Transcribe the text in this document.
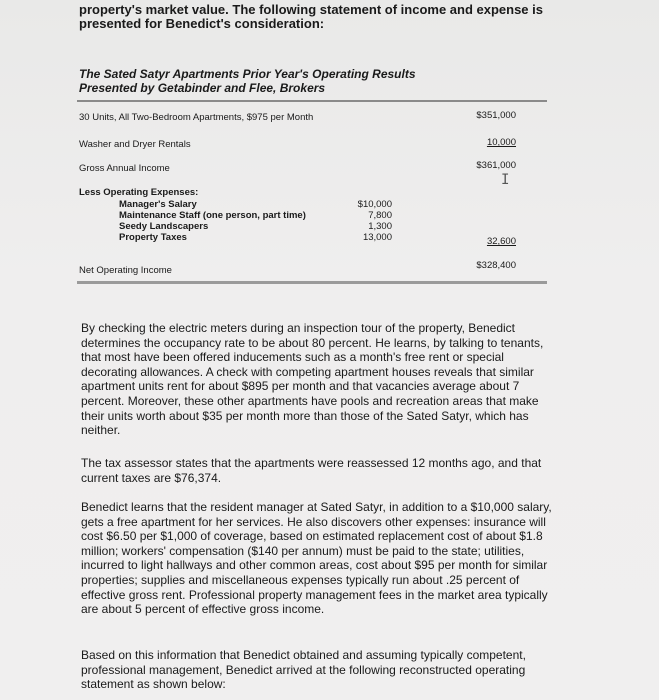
property's market value. The following statement of income and expense is presented for Benedict's consideration:
The Sated Satyr Apartments Prior Year's Operating Results
Presented by Getabinder and Flee, Brokers
30 Units, All Two-Bedroom Apartments, $975 per Month	$351,000
Washer and Dryer Rentals	10,000
Gross Annual Income	$361,000
I
Less Operating Expenses:
Manager's Salary	$10,000
Maintenance Staff (one person, part time)	7,800
Seedy Landscapers	1,300
Property Taxes	13,000	32,600
Net Operating Income	$328,400
By checking the electric meters during an inspection tour of the property, Benedict determines the occupancy rate to be about 80 percent. He learns, by talking to tenants, that most have been offered inducements such as a month's free rent or special decorating allowances. A check with competing apartment houses reveals that similar apartment units rent for about $895 per month and that vacancies average about 7 percent. Moreover, these other apartments have pools and recreation areas that make their units worth about $35 per month more than those of the Sated Satyr, which has neither.
The tax assessor states that the apartments were reassessed 12 months ago, and that current taxes are $76,374.
Benedict learns that the resident manager at Sated Satyr, in addition to a $10,000 salary, gets a free apartment for her services. He also discovers other expenses: insurance will cost $6.50 per $1,000 of coverage, based on estimated replacement cost of about $1.8 million; workers' compensation ($140 per annum) must be paid to the state; utilities, incurred to light hallways and other common areas, cost about $95 per month for similar properties; supplies and miscellaneous expenses typically run about .25 percent of effective gross rent. Professional property management fees in the market area typically are about 5 percent of effective gross income.
Based on this information that Benedict obtained and assuming typically competent, professional management, Benedict arrived at the following reconstructed operating statement as shown below:
